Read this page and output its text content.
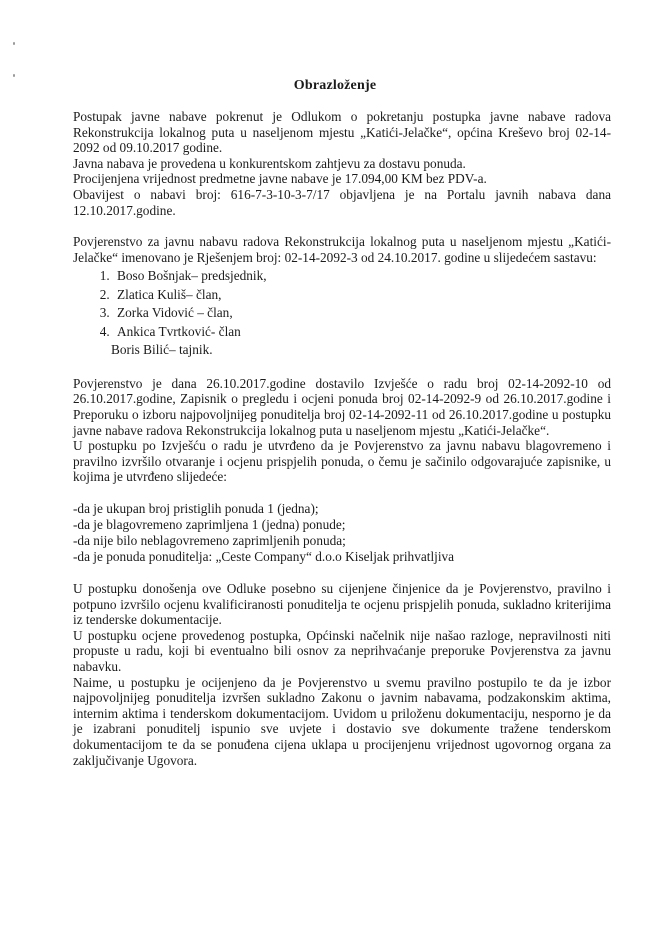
Obrazloženje

Postupak javne nabave pokrenut je Odlukom o pokretanju postupka javne nabave radova Rekonstrukcija lokalnog puta u naseljenom mjestu „Katići-Jelačke“, općina Kreševo broj 02-14-2092 od 09.10.2017 godine.

Javna nabava je provedena u konkurentskom zahtjevu za dostavu ponuda.

Procijenjena vrijednost predmetne javne nabave je 17.094,00 KM bez PDV-a.

Obavijest o nabavi broj: 616-7-3-10-3-7/17 objavljena je na Portalu javnih nabava dana 12.10.2017.godine.

Povjerenstvo za javnu nabavu radova Rekonstrukcija lokalnog puta u naseljenom mjestu „Katići-Jelačke“ imenovano je Rješenjem broj: 02-14-2092-3 od 24.10.2017. godine u slijedećem sastavu:

1. Boso Bošnjak– predsjednik,
2. Zlatica Kuliš– član,
3. Zorka Vidović – član,
4. Ankica Tvrtković- član
Boris Bilić– tajnik.

Povjerenstvo je dana 26.10.2017.godine dostavilo Izvješće o radu broj 02-14-2092-10 od 26.10.2017.godine, Zapisnik o pregledu i ocjeni ponuda broj 02-14-2092-9 od 26.10.2017.godine i Preporuku o izboru najpovoljnijeg ponuditelja broj 02-14-2092-11 od 26.10.2017.godine u postupku javne nabave radova Rekonstrukcija lokalnog puta u naseljenom mjestu „Katići-Jelačke“.

U postupku po Izvješću o radu je utvrđeno da je Povjerenstvo za javnu nabavu blagovremeno i pravilno izvršilo otvaranje i ocjenu prispjelih ponuda, o čemu je sačinilo odgovarajuće zapisnike, u kojima je utvrđeno slijedeće:

-da je ukupan broj pristiglih ponuda 1 (jedna);

-da je blagovremeno zaprimljena 1 (jedna) ponude;

-da nije bilo neblagovremeno zaprimljenih ponuda;

-da je ponuda ponuditelja: „Ceste Company“ d.o.o Kiseljak prihvatljiva

U postupku donošenja ove Odluke posebno su cijenjene činjenice da je Povjerenstvo, pravilno i potpuno izvršilo ocjenu kvalificiranosti ponuditelja te ocjenu prispjelih ponuda, sukladno kriterijima iz tenderske dokumentacije.

U postupku ocjene provedenog postupka, Općinski načelnik nije našao razloge, nepravilnosti niti propuste u radu, koji bi eventualno bili osnov za neprihvaćanje preporuke Povjerenstva za javnu nabavku.

Naime, u postupku je ocijenjeno da je Povjerenstvo u svemu pravilno postupilo te da je izbor najpovoljnijeg ponuditelja izvršen sukladno Zakonu o javnim nabavama, podzakonskim aktima, internim aktima i tenderskom dokumentacijom. Uvidom u priloženu dokumentaciju, nesporno je da je izabrani ponuditelj ispunio sve uvjete i dostavio sve dokumente tražene tenderskom dokumentacijom te da se ponuđena cijena uklapa u procijenjenu vrijednost ugovornog organa za zaključivanje Ugovora.
